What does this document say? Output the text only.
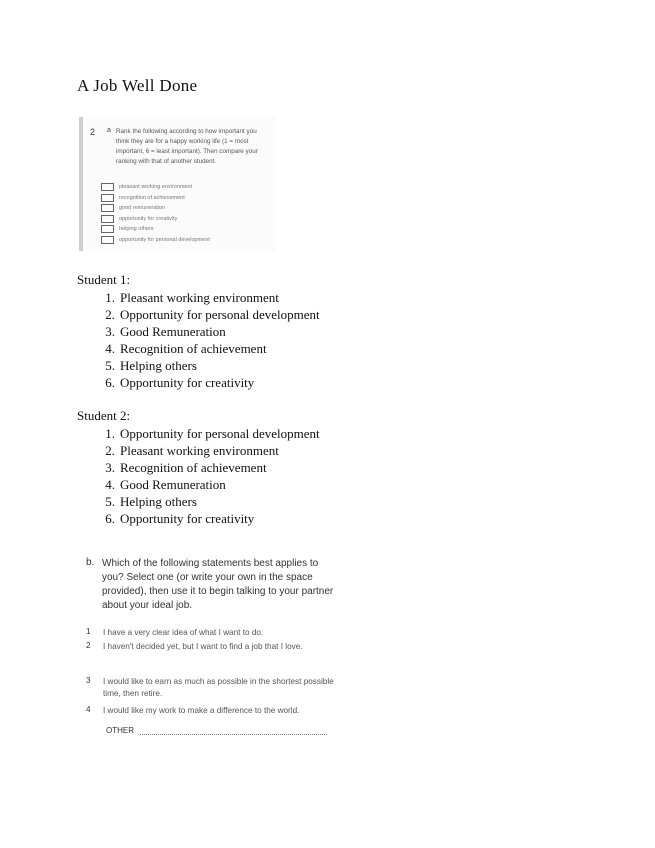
A Job Well Done
2 a Rank the following according to how important you think they are for a happy working life (1 = most important, 6 = least important). Then compare your ranking with that of another student.
pleasant working environment
recognition of achievement
good remuneration
opportunity for creativity
helping others
opportunity for personal development

Student 1:

1. Pleasant working environment
2. Opportunity for personal development
3. Good Remuneration
4. Recognition of achievement
5. Helping others
6. Opportunity for creativity

Student 2:

1. Opportunity for personal development
2. Pleasant working environment
3. Recognition of achievement
4. Good Remuneration
5. Helping others
6. Opportunity for creativity
b. Which of the following statements best applies to you? Select one (or write your own in the space provided), then use it to begin talking to your partner about your ideal job.
1	I have a very clear idea of what I want to do.
2	I haven't decided yet, but I want to find a job that I love.
3	I would like to earn as much as possible in the shortest possible time, then retire.
4	I would like my work to make a difference to the world.
OTHER
